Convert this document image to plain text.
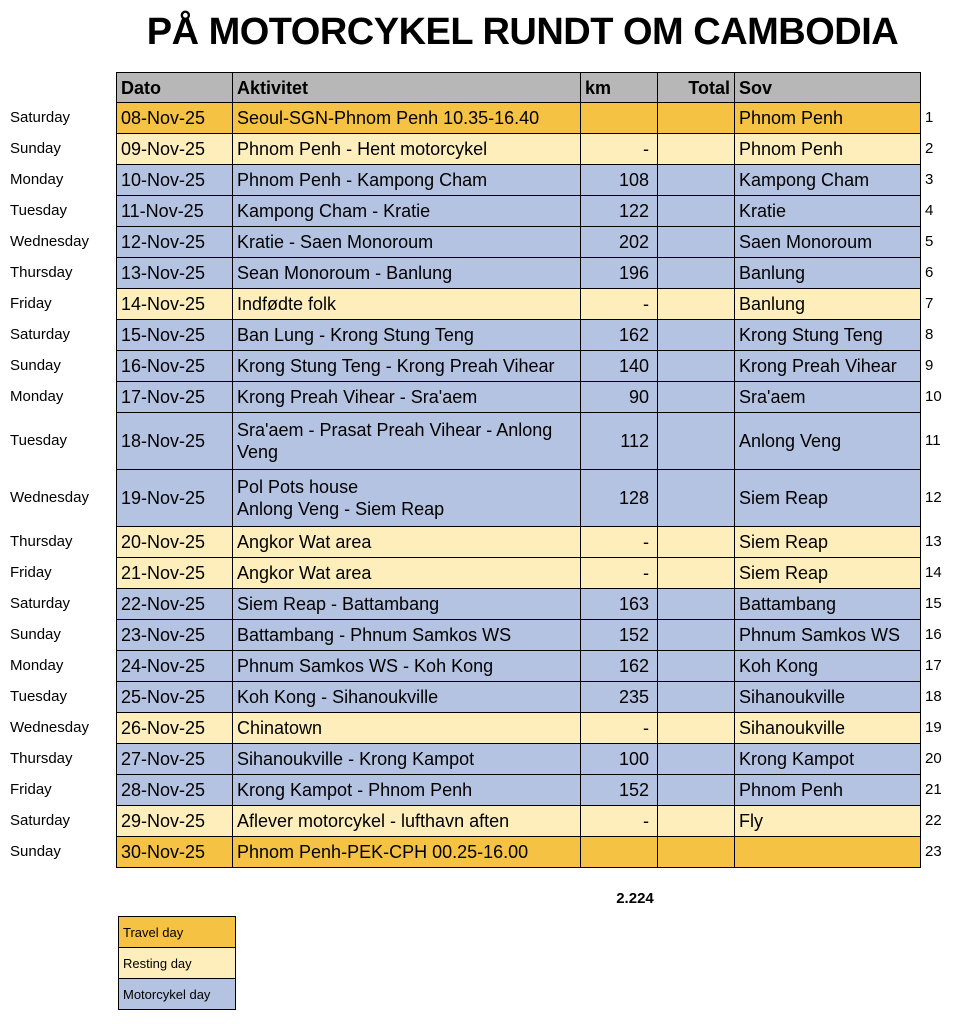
PÅ MOTORCYKEL RUNDT OM CAMBODIA
	Dato	Aktivitet	km	Total	Sov	
Saturday	08-Nov-25	Seoul-SGN-Phnom Penh 10.35-16.40			Phnom Penh	1
Sunday	09-Nov-25	Phnom Penh - Hent motorcykel	-		Phnom Penh	2
Monday	10-Nov-25	Phnom Penh - Kampong Cham	108		Kampong Cham	3
Tuesday	11-Nov-25	Kampong Cham - Kratie	122		Kratie	4
Wednesday	12-Nov-25	Kratie - Saen Monoroum	202		Saen Monoroum	5
Thursday	13-Nov-25	Sean Monoroum - Banlung	196		Banlung	6
Friday	14-Nov-25	Indfødte folk	-		Banlung	7
Saturday	15-Nov-25	Ban Lung - Krong Stung Teng	162		Krong Stung Teng	8
Sunday	16-Nov-25	Krong Stung Teng - Krong Preah Vihear	140		Krong Preah Vihear	9
Monday	17-Nov-25	Krong Preah Vihear - Sra'aem	90		Sra'aem	10
Tuesday	18-Nov-25	Sra'aem - Prasat Preah Vihear - Anlong Veng	112		Anlong Veng	11
Wednesday	19-Nov-25	Pol Pots house
Anlong Veng - Siem Reap	128		Siem Reap	12
Thursday	20-Nov-25	Angkor Wat area	-		Siem Reap	13
Friday	21-Nov-25	Angkor Wat area	-		Siem Reap	14
Saturday	22-Nov-25	Siem Reap - Battambang	163		Battambang	15
Sunday	23-Nov-25	Battambang - Phnum Samkos WS	152		Phnum Samkos WS	16
Monday	24-Nov-25	Phnum Samkos WS - Koh Kong	162		Koh Kong	17
Tuesday	25-Nov-25	Koh Kong - Sihanoukville	235		Sihanoukville	18
Wednesday	26-Nov-25	Chinatown	-		Sihanoukville	19
Thursday	27-Nov-25	Sihanoukville - Krong Kampot	100		Krong Kampot	20
Friday	28-Nov-25	Krong Kampot - Phnom Penh	152		Phnom Penh	21
Saturday	29-Nov-25	Aflever motorcykel - lufthavn aften	-		Fly	22
Sunday	30-Nov-25	Phnom Penh-PEK-CPH 00.25-16.00				23
2.224
Travel day
Resting day
Motorcykel day
